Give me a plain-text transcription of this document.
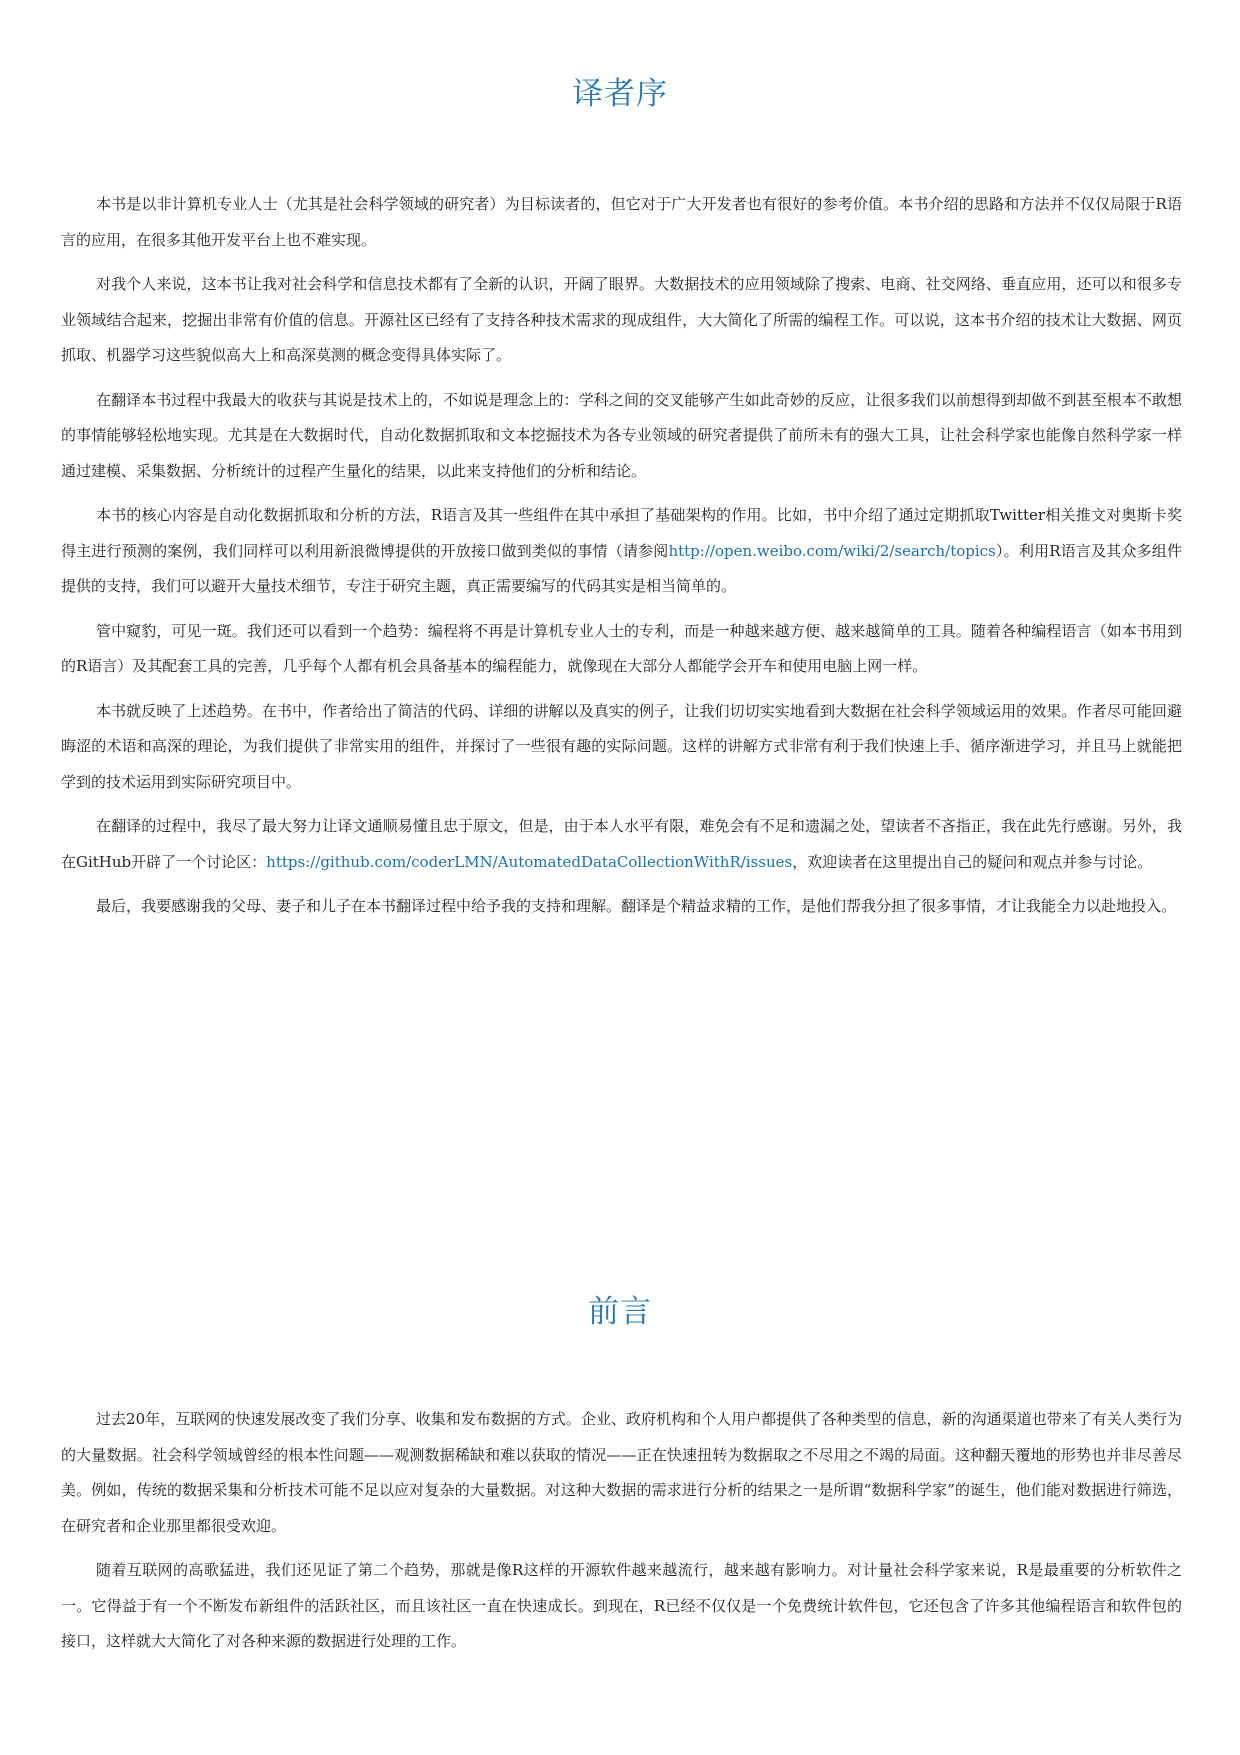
译者序

本书是以非计算机专业人士（尤其是社会科学领域的研究者）为目标读者的，但它对于广大开发者也有很好的参考价值。本书介绍的思路和方法并不仅仅局限于R语言的应用，在很多其他开发平台上也不难实现。

对我个人来说，这本书让我对社会科学和信息技术都有了全新的认识，开阔了眼界。大数据技术的应用领域除了搜索、电商、社交网络、垂直应用，还可以和很多专业领域结合起来，挖掘出非常有价值的信息。开源社区已经有了支持各种技术需求的现成组件，大大简化了所需的编程工作。可以说，这本书介绍的技术让大数据、网页抓取、机器学习这些貌似高大上和高深莫测的概念变得具体实际了。

在翻译本书过程中我最大的收获与其说是技术上的，不如说是理念上的：学科之间的交叉能够产生如此奇妙的反应，让很多我们以前想得到却做不到甚至根本不敢想的事情能够轻松地实现。尤其是在大数据时代，自动化数据抓取和文本挖掘技术为各专业领域的研究者提供了前所未有的强大工具，让社会科学家也能像自然科学家一样通过建模、采集数据、分析统计的过程产生量化的结果，以此来支持他们的分析和结论。

本书的核心内容是自动化数据抓取和分析的方法，R语言及其一些组件在其中承担了基础架构的作用。比如，书中介绍了通过定期抓取Twitter相关推文对奥斯卡奖得主进行预测的案例，我们同样可以利用新浪微博提供的开放接口做到类似的事情（请参阅http://open.weibo.com/wiki/2/search/topics）。利用R语言及其众多组件提供的支持，我们可以避开大量技术细节，专注于研究主题，真正需要编写的代码其实是相当简单的。

管中窥豹，可见一斑。我们还可以看到一个趋势：编程将不再是计算机专业人士的专利，而是一种越来越方便、越来越简单的工具。随着各种编程语言（如本书用到的R语言）及其配套工具的完善，几乎每个人都有机会具备基本的编程能力，就像现在大部分人都能学会开车和使用电脑上网一样。

本书就反映了上述趋势。在书中，作者给出了简洁的代码、详细的讲解以及真实的例子，让我们切切实实地看到大数据在社会科学领域运用的效果。作者尽可能回避晦涩的术语和高深的理论，为我们提供了非常实用的组件，并探讨了一些很有趣的实际问题。这样的讲解方式非常有利于我们快速上手、循序渐进学习，并且马上就能把学到的技术运用到实际研究项目中。

在翻译的过程中，我尽了最大努力让译文通顺易懂且忠于原文，但是，由于本人水平有限，难免会有不足和遗漏之处，望读者不吝指正，我在此先行感谢。另外，我在GitHub开辟了一个讨论区：https://github.com/coderLMN/AutomatedDataCollectionWithR/issues，欢迎读者在这里提出自己的疑问和观点并参与讨论。

最后，我要感谢我的父母、妻子和儿子在本书翻译过程中给予我的支持和理解。翻译是个精益求精的工作，是他们帮我分担了很多事情，才让我能全力以赴地投入。

前言

过去20年，互联网的快速发展改变了我们分享、收集和发布数据的方式。企业、政府机构和个人用户都提供了各种类型的信息，新的沟通渠道也带来了有关人类行为的大量数据。社会科学领域曾经的根本性问题——观测数据稀缺和难以获取的情况——正在快速扭转为数据取之不尽用之不竭的局面。这种翻天覆地的形势也并非尽善尽美。例如，传统的数据采集和分析技术可能不足以应对复杂的大量数据。对这种大数据的需求进行分析的结果之一是所谓“数据科学家”的诞生，他们能对数据进行筛选，在研究者和企业那里都很受欢迎。

随着互联网的高歌猛进，我们还见证了第二个趋势，那就是像R这样的开源软件越来越流行，越来越有影响力。对计量社会科学家来说，R是最重要的分析软件之一。它得益于有一个不断发布新组件的活跃社区，而且该社区一直在快速成长。到现在，R已经不仅仅是一个免费统计软件包，它还包含了许多其他编程语言和软件包的接口，这样就大大简化了对各种来源的数据进行处理的工作。
